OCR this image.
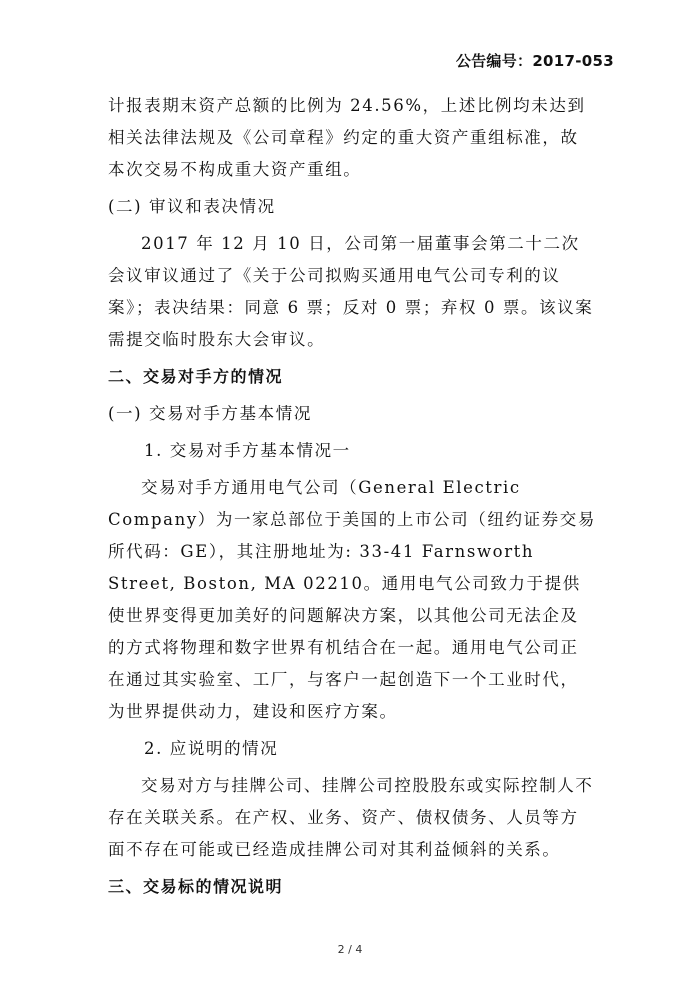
公告编号：2017-053

计报表期末资产总额的比例为 24.56%，上述比例均未达到相关法律法规及《公司章程》约定的重大资产重组标准，故本次交易不构成重大资产重组。

(二) 审议和表决情况

2017 年 12 月 10 日，公司第一届董事会第二十二次会议审议通过了《关于公司拟购买通用电气公司专利的议案》；表决结果：同意 6 票；反对 0 票；弃权 0 票。该议案需提交临时股东大会审议。

二、交易对手方的情况

(一) 交易对手方基本情况

1. 交易对手方基本情况一

交易对手方通用电气公司（General Electric Company）为一家总部位于美国的上市公司（纽约证券交易所代码：GE），其注册地址为: 33-41 Farnsworth Street, Boston, MA 02210。通用电气公司致力于提供使世界变得更加美好的问题解决方案，以其他公司无法企及的方式将物理和数字世界有机结合在一起。通用电气公司正在通过其实验室、工厂，与客户一起创造下一个工业时代，为世界提供动力，建设和医疗方案。

2. 应说明的情况

交易对方与挂牌公司、挂牌公司控股股东或实际控制人不存在关联关系。在产权、业务、资产、债权债务、人员等方面不存在可能或已经造成挂牌公司对其利益倾斜的关系。

三、交易标的情况说明

2 / 4
